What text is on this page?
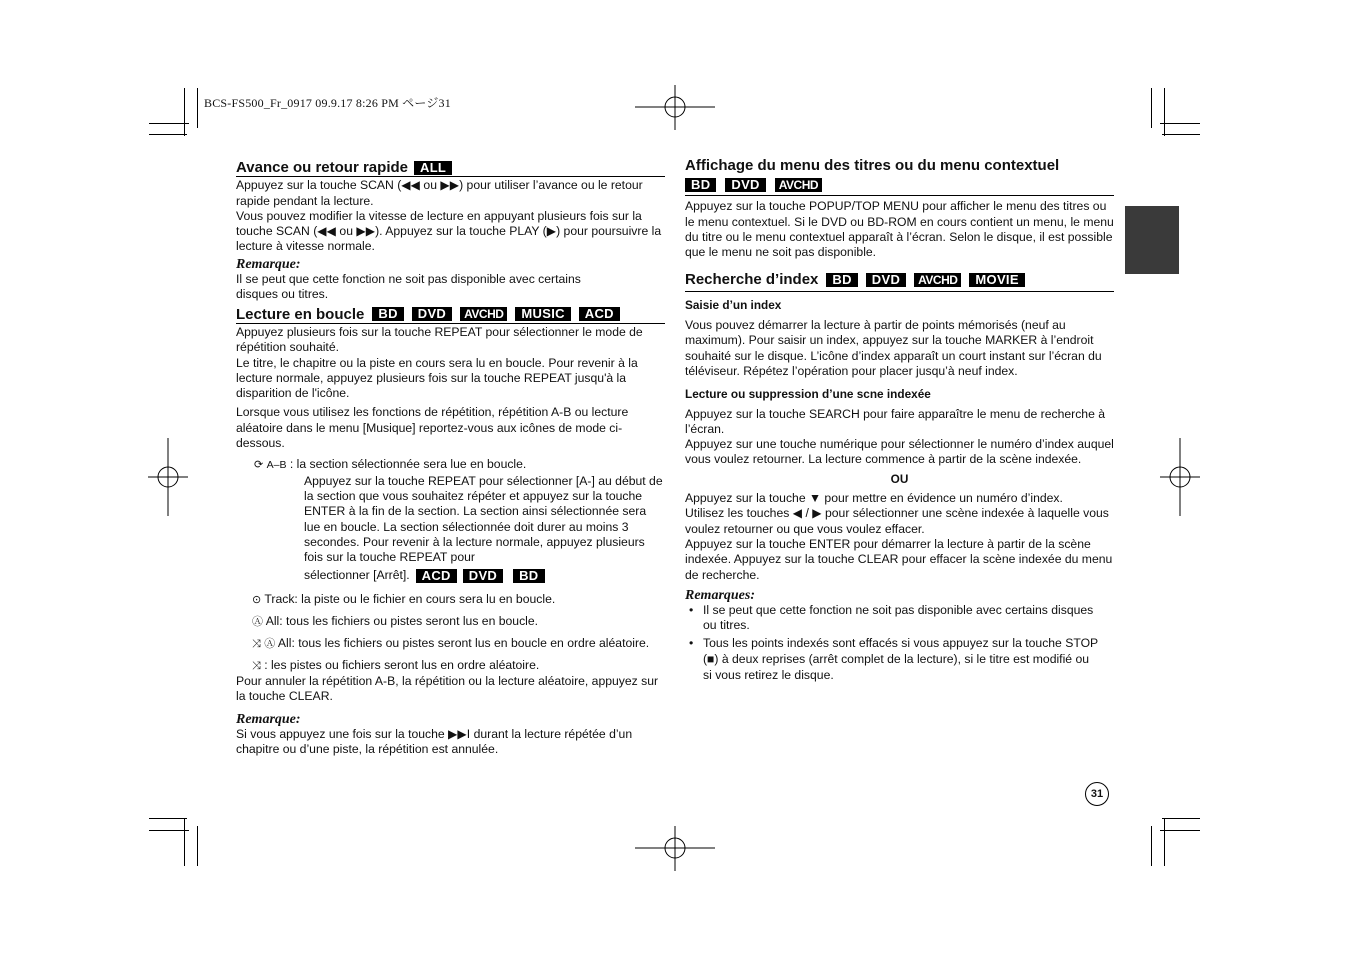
BCS-FS500_Fr_0917 09.9.17 8:26 PM ページ31
Avance ou retour rapide ALL

Appuyez sur la touche SCAN (◀◀ ou ▶▶) pour utiliser l’avance ou le retour rapide pendant la lecture.

Vous pouvez modifier la vitesse de lecture en appuyant plusieurs fois sur la touche SCAN (◀◀ ou ▶▶). Appuyez sur la touche PLAY (▶) pour poursuivre la lecture à vitesse normale.

Remarque:

Il se peut que cette fonction ne soit pas disponible avec certains disques ou titres.

Lecture en boucle	BD	DVD	AVCHD	MUSIC	ACD

Appuyez plusieurs fois sur la touche REPEAT pour sélectionner le mode de répétition souhaité.

Le titre, le chapitre ou la piste en cours sera lu en boucle. Pour revenir à la lecture normale, appuyez plusieurs fois sur la touche REPEAT jusqu'à la disparition de l'icône.

Lorsque vous utilisez les fonctions de répétition, répétition A-B ou lecture aléatoire dans le menu [Musique] reportez-vous aux icônes de mode ci-dessous.

⟳ A–B : la section sélectionnée sera lue en boucle.

Appuyez sur la touche REPEAT pour sélectionner [A-] au début de la section que vous souhaitez répéter et appuyez sur la touche ENTER à la fin de la section. La section ainsi sélectionnée sera lue en boucle. La section sélectionnée doit durer au moins 3 secondes. Pour revenir à la lecture normale, appuyez plusieurs fois sur la touche REPEAT pour

sélectionner [Arrêt]. ACD	DVD	BD
⊙ Track: la piste ou le fichier en cours sera lu en boucle.
Ⓐ All: tous les fichiers ou pistes seront lus en boucle.
⤨ Ⓐ All: tous les fichiers ou pistes seront lus en boucle en ordre aléatoire.
⤨ : les pistes ou fichiers seront lus en ordre aléatoire.

Pour annuler la répétition A-B, la répétition ou la lecture aléatoire, appuyez sur la touche CLEAR.

Remarque:

Si vous appuyez une fois sur la touche ▶▶I durant la lecture répétée d’un chapitre ou d’une piste, la répétition est annulée.

Affichage du menu des titres ou du menu contextuel
BD	DVD	AVCHD

Appuyez sur la touche POPUP/TOP MENU pour afficher le menu des titres ou le menu contextuel. Si le DVD ou BD-ROM en cours contient un menu, le menu du titre ou le menu contextuel apparaît à l’écran. Selon le disque, il est possible que le menu ne soit pas disponible.

Recherche d’index	BD	DVD	AVCHD	MOVIE

Saisie d’un index

Vous pouvez démarrer la lecture à partir de points mémorisés (neuf au maximum). Pour saisir un index, appuyez sur la touche MARKER à l’endroit souhaité sur le disque. L’icône d’index apparaît un court instant sur l’écran du téléviseur. Répétez l’opération pour placer jusqu’à neuf index.

Lecture ou suppression d’une scne indexée

Appuyez sur la touche SEARCH pour faire apparaître le menu de recherche à l’écran.

Appuyez sur une touche numérique pour sélectionner le numéro d’index auquel vous voulez retourner. La lecture commence à partir de la scène indexée.

OU

Appuyez sur la touche ▼ pour mettre en évidence un numéro d’index.

Utilisez les touches ◀ / ▶ pour sélectionner une scène indexée à laquelle vous voulez retourner ou que vous voulez effacer.

Appuyez sur la touche ENTER pour démarrer la lecture à partir de la scène indexée. Appuyez sur la touche CLEAR pour effacer la scène indexée du menu de recherche.

Remarques:

• Il se peut que cette fonction ne soit pas disponible avec certains disques ou titres.
• Tous les points indexés sont effacés si vous appuyez sur la touche STOP (■) à deux reprises (arrêt complet de la lecture), si le titre est modifié ou si vous retirez le disque.
31
